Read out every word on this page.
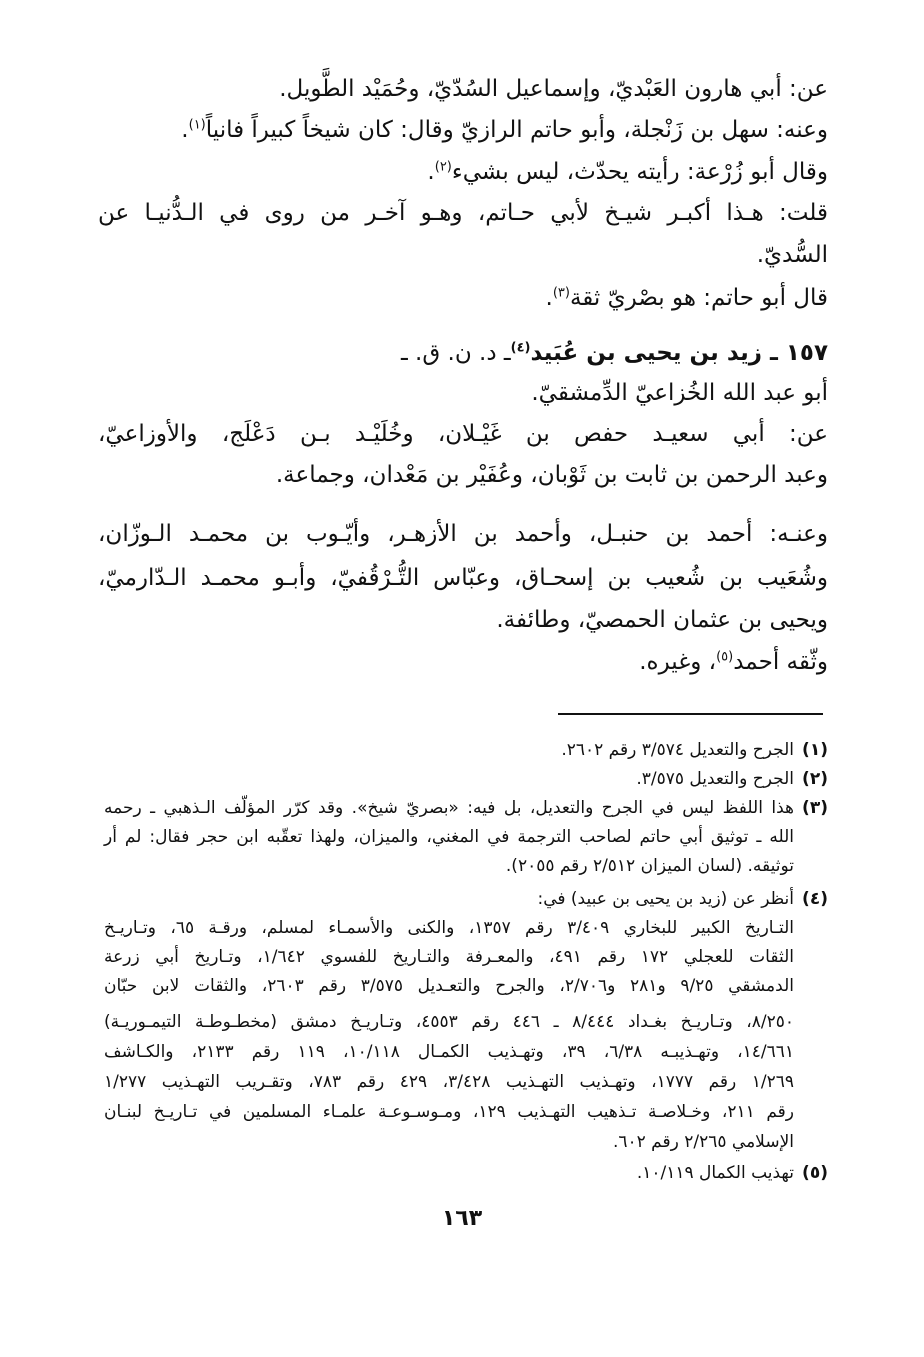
عن: أبي هارون العَبْديّ، وإسماعيل السُدّيّ، وحُمَيْد الطَّويل.
وعنه: سهل بن زَنْجلة، وأبو حاتم الرازيّ وقال: كان شيخاً كبيراً فانياً$^{(١)}$.
وقال أبو زُرْعة: رأيته يحدّث، ليس بشيء$^{(٢)}$.
قلت: هـذا أكبـر شيـخ لأبي حـاتم، وهـو آخـر من روى في الـدُّنيـا عن
السُّديّ.
قال أبو حاتم: هو بصْريّ ثقة$^{(٣)}$.
١٥٧ ـ زيد بن يحيى بن عُبَيد$^{(٤)}$ـ د. ن. ق. ـ
أبو عبد الله الخُزاعيّ الدِّمشقيّ.
عن: أبي سعيـد حفص بن غَيْـلان، وخُلَيْـد بـن دَعْلَج، والأوزاعيّ،
وعبد الرحمن بن ثابت بن ثَوْبان، وعُفَيْر بن مَعْدان، وجماعة.
وعنـه: أحمد بن حنبـل، وأحمد بن الأزهـر، وأيّـوب بن محمـد الـوزّان،
وشُعَيب بن شُعيب بن إسحـاق، وعبّاس التُّـرْقُفيّ، وأبـو محمـد الـدّارميّ،
ويحيى بن عثمان الحمصيّ، وطائفة.
وثّقه أحمد$^{(٥)}$، وغيره.
(١)
الجرح والتعديل ٣/٥٧٤ رقم ٢٦٠٢.
(٢)
الجرح والتعديل ٣/٥٧٥.
(٣)
هذا اللفظ ليس في الجرح والتعديل، بل فيه: «بصريّ شيخ». وقد كرّر المؤلّف الـذهبي ـ رحمه
الله ـ توثيق أبي حاتم لصاحب الترجمة في المغني، والميزان، ولهذا تعقّبه ابن حجر فقال: لم أر
توثيقه. (لسان الميزان ٢/٥١٢ رقم ٢٠٥٥).
(٤)
أنظر عن (زيد بن يحيى بن عبيد) في:
التـاريخ الكبير للبخاري ٣/٤٠٩ رقم ١٣٥٧، والكنى والأسمـاء لمسلم، ورقـة ٦٥، وتـاريـخ
الثقات للعجلي ١٧٢ رقم ٤٩١، والمعـرفة والتـاريخ للفسوي ١/٦٤٢، وتـاريخ أبي زرعة
الدمشقي ٩/٢٥ و٢٨١ و٢/٧٠٦، والجرح والتعـديل ٣/٥٧٥ رقم ٢٦٠٣، والثقات لابن حبّان
٨/٢٥٠، وتـاريـخ بغـداد ٨/٤٤٤ ـ ٤٤٦ رقم ٤٥٥٣، وتـاريـخ دمشق (مخطـوطـة التيمـوريـة)
١٤/٦٦١، وتهـذيبـه ٦/٣٨، ٣٩، وتهـذيب الكمـال ١٠/١١٨، ١١٩ رقم ٢١٣٣، والكـاشف
١/٢٦٩ رقم ١٧٧٧، وتهـذيب التهـذيب ٣/٤٢٨، ٤٢٩ رقم ٧٨٣، وتقـريب التهـذيب ١/٢٧٧
رقم ٢١١، وخـلاصـة تـذهيب التهـذيب ١٢٩، ومـوسـوعـة علمـاء المسلمين في تـاريـخ لبنـان
الإسلامي ٢/٢٦٥ رقم ٦٠٢.
(٥)
تهذيب الكمال ١٠/١١٩.
١٦٣
